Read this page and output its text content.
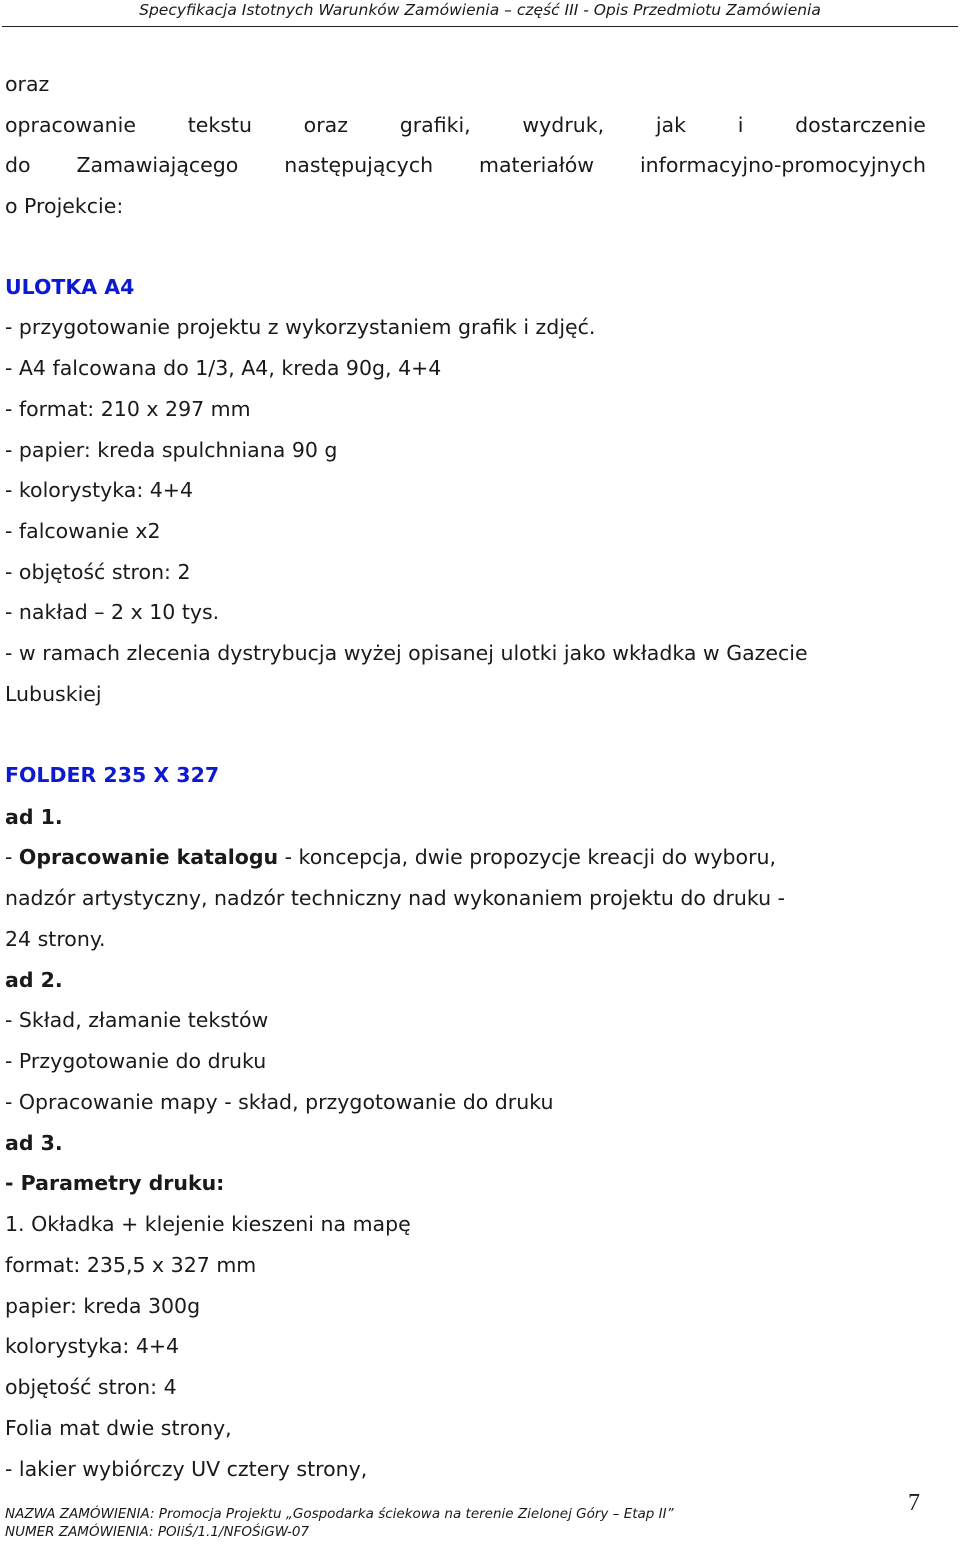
Specyfikacja Istotnych Warunków Zamówienia – część III - Opis Przedmiotu Zamówienia
oraz
opracowanie	tekstu	oraz	grafiki,	wydruk,	jak	i	dostarczenie
do Zamawiającego następujących materiałów informacyjno-promocyjnych
o Projekcie:
ULOTKA A4
- przygotowanie projektu z wykorzystaniem grafik i zdjęć.
- A4 falcowana do 1/3, A4, kreda 90g, 4+4
- format: 210 x 297 mm
- papier: kreda spulchniana 90 g
- kolorystyka: 4+4
- falcowanie x2
- objętość stron: 2
- nakład – 2 x 10 tys.
- w ramach zlecenia dystrybucja wyżej opisanej ulotki jako wkładka w Gazecie
Lubuskiej
FOLDER 235 X 327
ad 1.
- Opracowanie katalogu - koncepcja, dwie propozycje kreacji do wyboru,
nadzór artystyczny, nadzór techniczny nad wykonaniem projektu do druku -
24 strony.
ad 2.
- Skład, złamanie tekstów
- Przygotowanie do druku
- Opracowanie mapy - skład, przygotowanie do druku
ad 3.
- Parametry druku:
1. Okładka + klejenie kieszeni na mapę
format: 235,5 x 327 mm
papier: kreda 300g
kolorystyka: 4+4
objętość stron: 4
Folia mat dwie strony,
- lakier wybiórczy UV cztery strony,
NAZWA ZAMÓWIENIA: Promocja Projektu „Gospodarka ściekowa na terenie Zielonej Góry – Etap II”
NUMER ZAMÓWIENIA: POIiŚ/1.1/NFOŚiGW-07
7
